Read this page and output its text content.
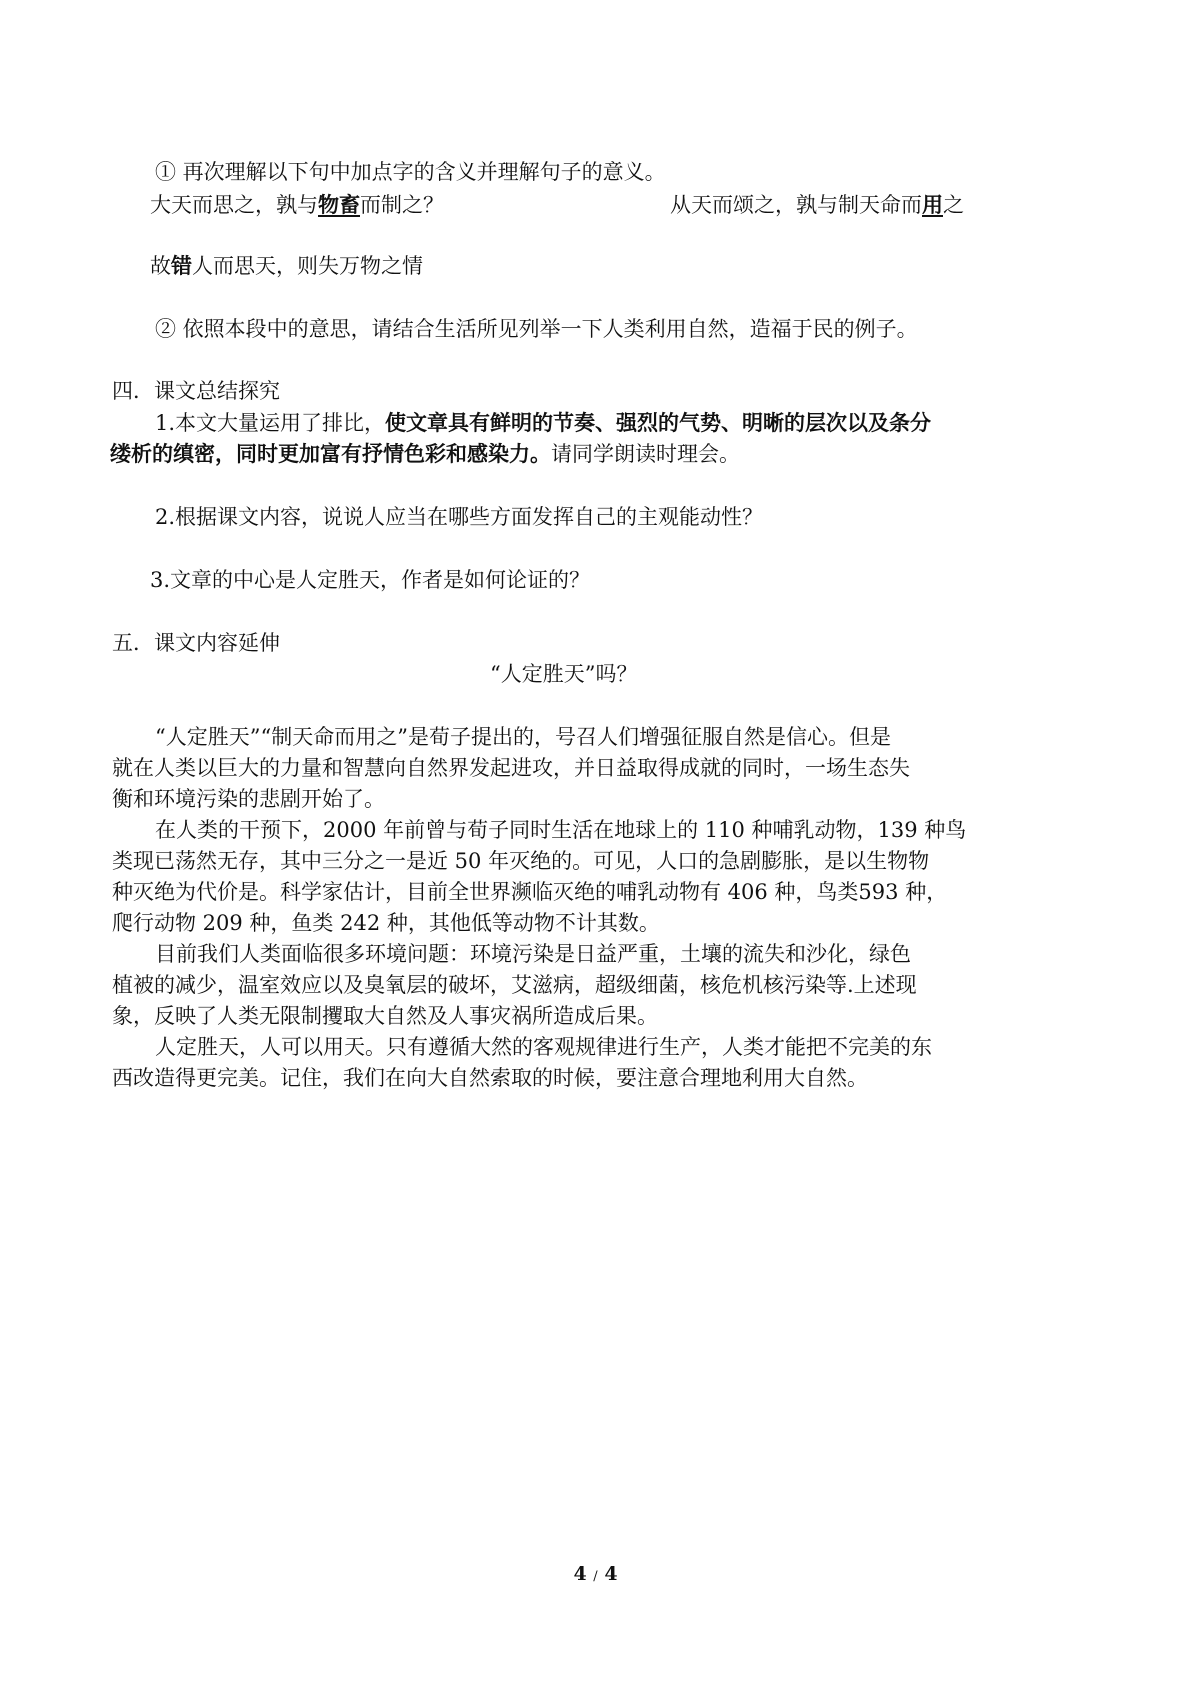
① 再次理解以下句中加点字的含义并理解句子的意义。
大天而思之，孰与物畜而制之？	从天而颂之，孰与制天命而用之
故错人而思天，则失万物之情
② 依照本段中的意思，请结合生活所见列举一下人类利用自然，造福于民的例子。
四．课文总结探究
1.本文大量运用了排比，使文章具有鲜明的节奏、强烈的气势、明晰的层次以及条分
缕析的缜密，同时更加富有抒情色彩和感染力。请同学朗读时理会。
2.根据课文内容，说说人应当在哪些方面发挥自己的主观能动性？
3.文章的中心是人定胜天，作者是如何论证的？
五．课文内容延伸
“人定胜天”吗？
“人定胜天”“制天命而用之”是荀子提出的，号召人们增强征服自然是信心。但是
就在人类以巨大的力量和智慧向自然界发起进攻，并日益取得成就的同时，一场生态失
衡和环境污染的悲剧开始了。
在人类的干预下，2000 年前曾与荀子同时生活在地球上的 110 种哺乳动物，139 种鸟
类现已荡然无存，其中三分之一是近 50 年灭绝的。可见，人口的急剧膨胀，是以生物物
种灭绝为代价是。科学家估计，目前全世界濒临灭绝的哺乳动物有 406 种，鸟类593 种，
爬行动物 209 种，鱼类 242 种，其他低等动物不计其数。
目前我们人类面临很多环境问题：环境污染是日益严重，土壤的流失和沙化，绿色
植被的减少，温室效应以及臭氧层的破坏，艾滋病，超级细菌，核危机核污染等.上述现
象，反映了人类无限制攫取大自然及人事灾祸所造成后果。
人定胜天，人可以用天。只有遵循大然的客观规律进行生产，人类才能把不完美的东
西改造得更完美。记住，我们在向大自然索取的时候，要注意合理地利用大自然。
4 / 4
